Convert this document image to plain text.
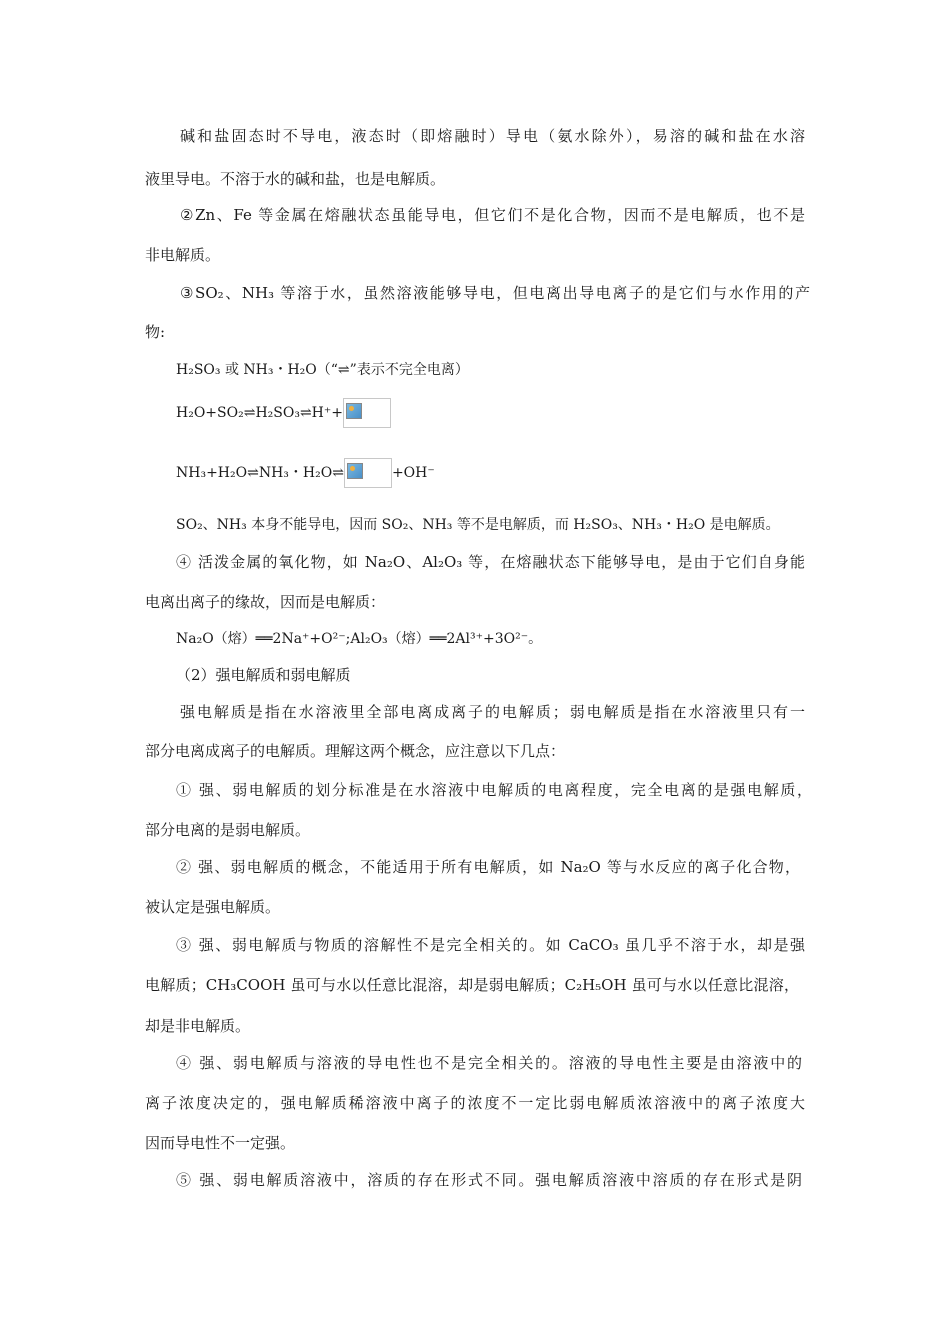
碱和盐固态时不导电，液态时（即熔融时）导电（氨水除外），易溶的碱和盐在水溶
液里导电。不溶于水的碱和盐，也是电解质。
②Zn、Fe 等金属在熔融状态虽能导电，但它们不是化合物，因而不是电解质，也不是
非电解质。
③SO₂、NH₃ 等溶于水，虽然溶液能够导电，但电离出导电离子的是它们与水作用的产
物:
H₂SO₃ 或 NH₃・H₂O（“⇌”表示不完全电离）
H₂O+SO₂⇌H₂SO₃⇌H⁺+
NH₃+H₂O⇌NH₃・H₂O⇌	+OH⁻
SO₂、NH₃ 本身不能导电，因而 SO₂、NH₃ 等不是电解质，而 H₂SO₃、NH₃・H₂O 是电解质。
④ 活泼金属的氧化物，如 Na₂O、Al₂O₃ 等，在熔融状态下能够导电，是由于它们自身能
电离出离子的缘故，因而是电解质：
Na₂O（熔）══2Na⁺+O²⁻;Al₂O₃（熔）══2Al³⁺+3O²⁻。
（2）强电解质和弱电解质
强电解质是指在水溶液里全部电离成离子的电解质；弱电解质是指在水溶液里只有一
部分电离成离子的电解质。理解这两个概念，应注意以下几点：
① 强、弱电解质的划分标准是在水溶液中电解质的电离程度，完全电离的是强电解质，
部分电离的是弱电解质。
② 强、弱电解质的概念，不能适用于所有电解质，如 Na₂O 等与水反应的离子化合物，
被认定是强电解质。
③ 强、弱电解质与物质的溶解性不是完全相关的。如 CaCO₃ 虽几乎不溶于水，却是强
电解质；CH₃COOH 虽可与水以任意比混溶，却是弱电解质；C₂H₅OH 虽可与水以任意比混溶，
却是非电解质。
④ 强、弱电解质与溶液的导电性也不是完全相关的。溶液的导电性主要是由溶液中的
离子浓度决定的，强电解质稀溶液中离子的浓度不一定比弱电解质浓溶液中的离子浓度大
因而导电性不一定强。
⑤ 强、弱电解质溶液中，溶质的存在形式不同。强电解质溶液中溶质的存在形式是阴
